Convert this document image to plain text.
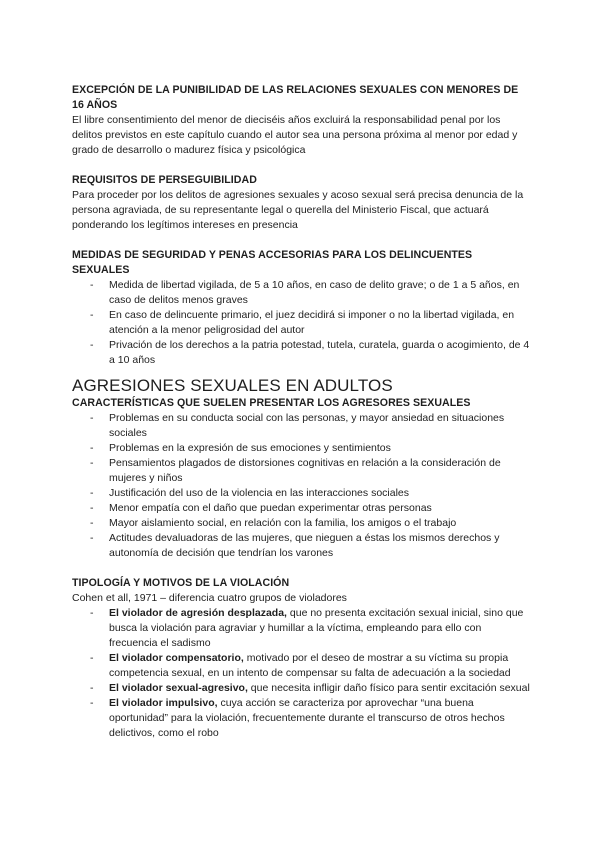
EXCEPCIÓN DE LA PUNIBILIDAD DE LAS RELACIONES SEXUALES CON MENORES DE 16 AÑOS

El libre consentimiento del menor de dieciséis años excluirá la responsabilidad penal por los delitos previstos en este capítulo cuando el autor sea una persona próxima al menor por edad y grado de desarrollo o madurez física y psicológica

REQUISITOS DE PERSEGUIBILIDAD

Para proceder por los delitos de agresiones sexuales y acoso sexual será precisa denuncia de la persona agraviada, de su representante legal o querella del Ministerio Fiscal, que actuará ponderando los legítimos intereses en presencia

MEDIDAS DE SEGURIDAD Y PENAS ACCESORIAS PARA LOS DELINCUENTES SEXUALES
- Medida de libertad vigilada, de 5 a 10 años, en caso de delito grave; o de 1 a 5 años, en caso de delitos menos graves
- En caso de delincuente primario, el juez decidirá si imponer o no la libertad vigilada, en atención a la menor peligrosidad del autor
- Privación de los derechos a la patria potestad, tutela, curatela, guarda o acogimiento, de 4 a 10 años
AGRESIONES SEXUALES EN ADULTOS
CARACTERÍSTICAS QUE SUELEN PRESENTAR LOS AGRESORES SEXUALES
- Problemas en su conducta social con las personas, y mayor ansiedad en situaciones sociales
- Problemas en la expresión de sus emociones y sentimientos
- Pensamientos plagados de distorsiones cognitivas en relación a la consideración de mujeres y niños
- Justificación del uso de la violencia en las interacciones sociales
- Menor empatía con el daño que puedan experimentar otras personas
- Mayor aislamiento social, en relación con la familia, los amigos o el trabajo
- Actitudes devaluadoras de las mujeres, que nieguen a éstas los mismos derechos y autonomía de decisión que tendrían los varones
TIPOLOGÍA Y MOTIVOS DE LA VIOLACIÓN

Cohen et all, 1971 – diferencia cuatro grupos de violadores

- El violador de agresión desplazada, que no presenta excitación sexual inicial, sino que busca la violación para agraviar y humillar a la víctima, empleando para ello con frecuencia el sadismo
- El violador compensatorio, motivado por el deseo de mostrar a su víctima su propia competencia sexual, en un intento de compensar su falta de adecuación a la sociedad
- El violador sexual-agresivo, que necesita infligir daño físico para sentir excitación sexual
- El violador impulsivo, cuya acción se caracteriza por aprovechar “una buena oportunidad” para la violación, frecuentemente durante el transcurso de otros hechos delictivos, como el robo
